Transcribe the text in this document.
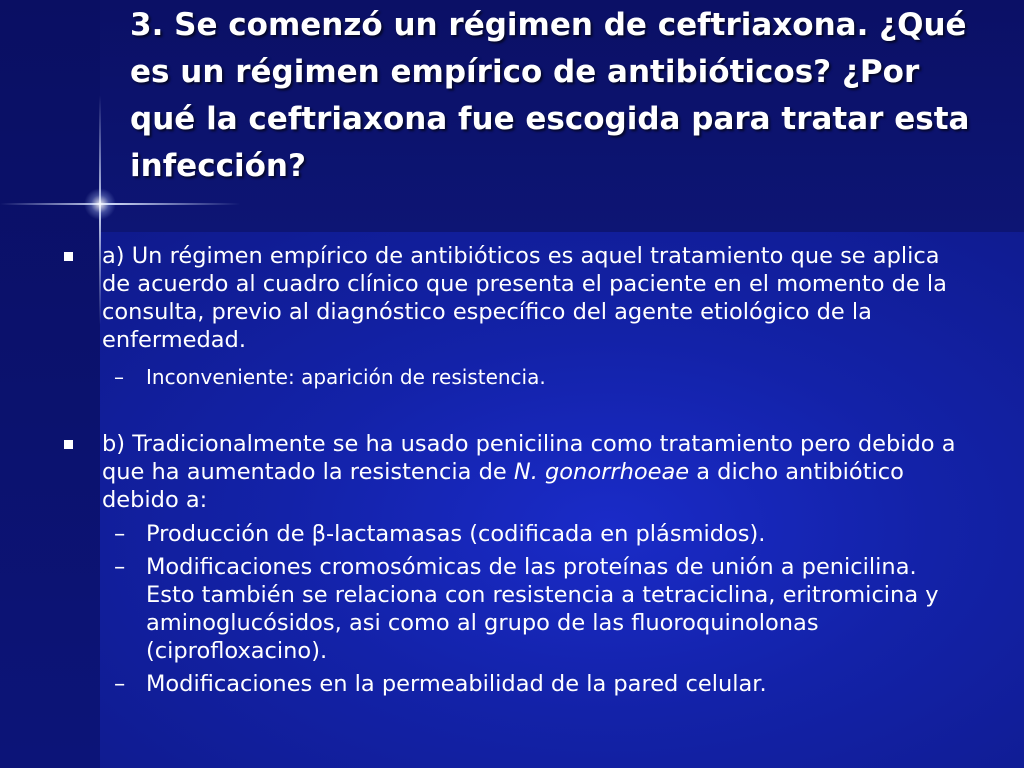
3. Se comenzó un régimen de ceftriaxona. ¿Qué es un régimen empírico de antibióticos? ¿Por qué la ceftriaxona fue escogida para tratar esta infección?
a) Un régimen empírico de antibióticos es aquel tratamiento que se aplica de acuerdo al cuadro clínico que presenta el paciente en el momento de la consulta, previo al diagnóstico específico del agente etiológico de la enfermedad.
– Inconveniente: aparición de resistencia.
b) Tradicionalmente se ha usado penicilina como tratamiento pero debido a que ha aumentado la resistencia de N. gonorrhoeae a dicho antibiótico debido a:
– Producción de β-lactamasas (codificada en plásmidos).
– Modificaciones cromosómicas de las proteínas de unión a penicilina. Esto también se relaciona con resistencia a tetraciclina, eritromicina y aminoglucósidos, asi como al grupo de las fluoroquinolonas (ciprofloxacino).
– Modificaciones en la permeabilidad de la pared celular.
